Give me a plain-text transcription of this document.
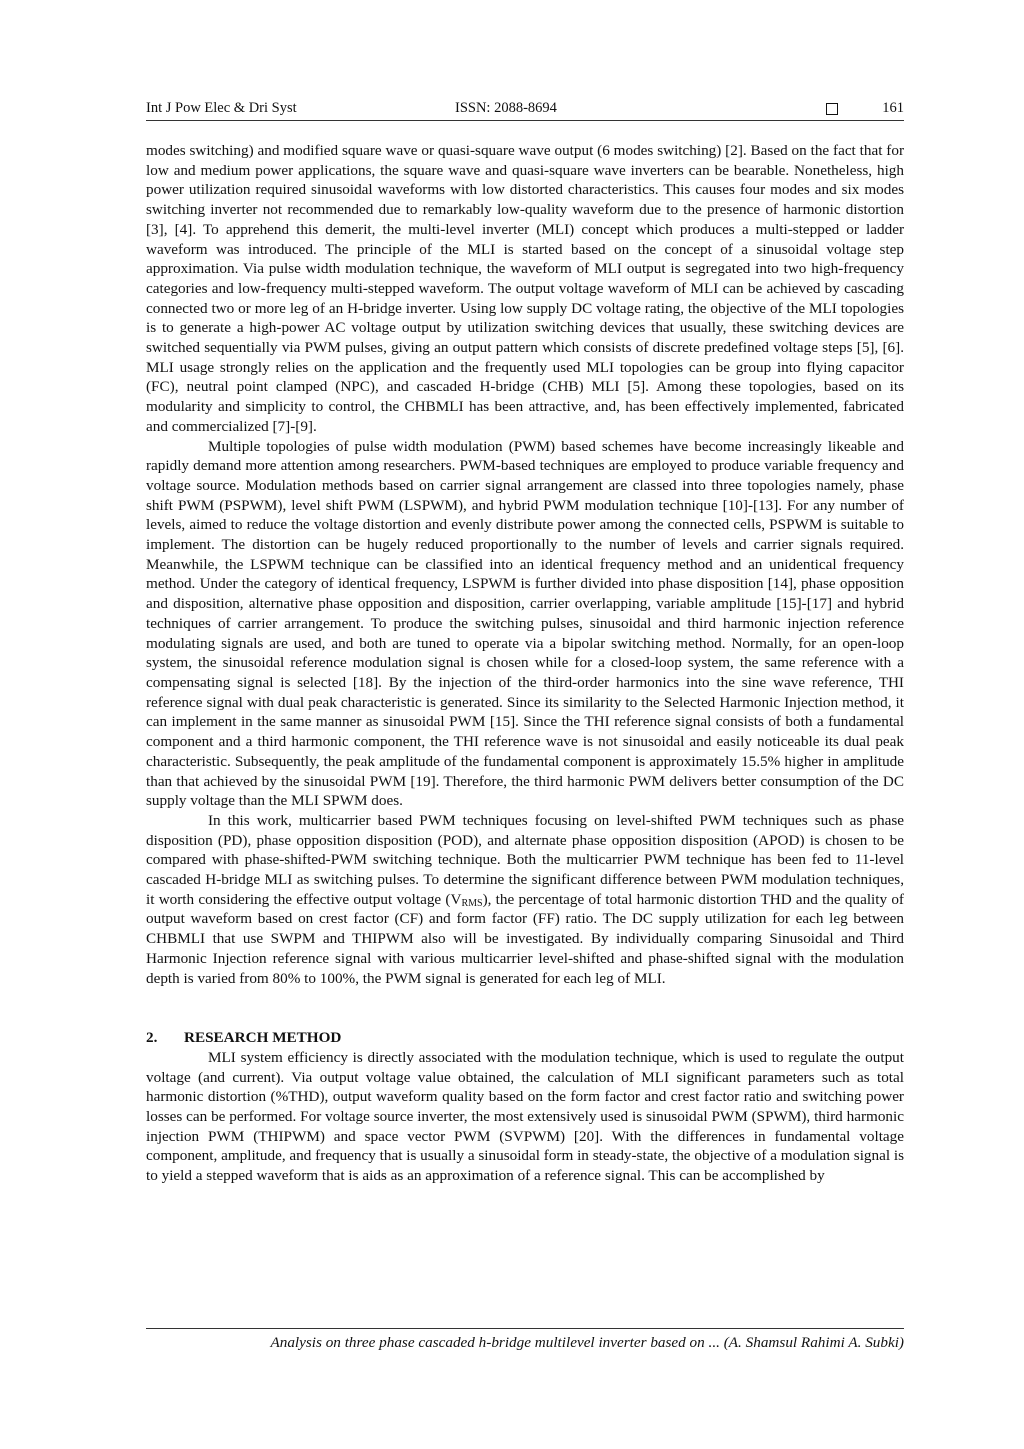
Int J Pow Elec & Dri Syst	ISSN: 2088-8694	161

modes switching) and modified square wave or quasi-square wave output (6 modes switching) [2]. Based on the fact that for low and medium power applications, the square wave and quasi-square wave inverters can be bearable. Nonetheless, high power utilization required sinusoidal waveforms with low distorted characteristics. This causes four modes and six modes switching inverter not recommended due to remarkably low-quality waveform due to the presence of harmonic distortion [3], [4]. To apprehend this demerit, the multi-level inverter (MLI) concept which produces a multi-stepped or ladder waveform was introduced. The principle of the MLI is started based on the concept of a sinusoidal voltage step approximation. Via pulse width modulation technique, the waveform of MLI output is segregated into two high-frequency categories and low-frequency multi-stepped waveform. The output voltage waveform of MLI can be achieved by cascading connected two or more leg of an H-bridge inverter. Using low supply DC voltage rating, the objective of the MLI topologies is to generate a high-power AC voltage output by utilization switching devices that usually, these switching devices are switched sequentially via PWM pulses, giving an output pattern which consists of discrete predefined voltage steps [5], [6]. MLI usage strongly relies on the application and the frequently used MLI topologies can be group into flying capacitor (FC), neutral point clamped (NPC), and cascaded H-bridge (CHB) MLI [5]. Among these topologies, based on its modularity and simplicity to control, the CHBMLI has been attractive, and, has been effectively implemented, fabricated and commercialized [7]-[9].

Multiple topologies of pulse width modulation (PWM) based schemes have become increasingly likeable and rapidly demand more attention among researchers. PWM-based techniques are employed to produce variable frequency and voltage source. Modulation methods based on carrier signal arrangement are classed into three topologies namely, phase shift PWM (PSPWM), level shift PWM (LSPWM), and hybrid PWM modulation technique [10]-[13]. For any number of levels, aimed to reduce the voltage distortion and evenly distribute power among the connected cells, PSPWM is suitable to implement. The distortion can be hugely reduced proportionally to the number of levels and carrier signals required. Meanwhile, the LSPWM technique can be classified into an identical frequency method and an unidentical frequency method. Under the category of identical frequency, LSPWM is further divided into phase disposition [14], phase opposition and disposition, alternative phase opposition and disposition, carrier overlapping, variable amplitude [15]-[17] and hybrid techniques of carrier arrangement. To produce the switching pulses, sinusoidal and third harmonic injection reference modulating signals are used, and both are tuned to operate via a bipolar switching method. Normally, for an open-loop system, the sinusoidal reference modulation signal is chosen while for a closed-loop system, the same reference with a compensating signal is selected [18]. By the injection of the third-order harmonics into the sine wave reference, THI reference signal with dual peak characteristic is generated. Since its similarity to the Selected Harmonic Injection method, it can implement in the same manner as sinusoidal PWM [15]. Since the THI reference signal consists of both a fundamental component and a third harmonic component, the THI reference wave is not sinusoidal and easily noticeable its dual peak characteristic. Subsequently, the peak amplitude of the fundamental component is approximately 15.5% higher in amplitude than that achieved by the sinusoidal PWM [19]. Therefore, the third harmonic PWM delivers better consumption of the DC supply voltage than the MLI SPWM does.

In this work, multicarrier based PWM techniques focusing on level-shifted PWM techniques such as phase disposition (PD), phase opposition disposition (POD), and alternate phase opposition disposition (APOD) is chosen to be compared with phase-shifted-PWM switching technique. Both the multicarrier PWM technique has been fed to 11-level cascaded H-bridge MLI as switching pulses. To determine the significant difference between PWM modulation techniques, it worth considering the effective output voltage $(V_{RMS})$, the percentage of total harmonic distortion THD and the quality of output waveform based on crest factor (CF) and form factor (FF) ratio. The DC supply utilization for each leg between CHBMLI that use SWPM and THIPWM also will be investigated. By individually comparing Sinusoidal and Third Harmonic Injection reference signal with various multicarrier level-shifted and phase-shifted signal with the modulation depth is varied from 80% to 100%, the PWM signal is generated for each leg of MLI.

2. RESEARCH METHOD

MLI system efficiency is directly associated with the modulation technique, which is used to regulate the output voltage (and current). Via output voltage value obtained, the calculation of MLI significant parameters such as total harmonic distortion (%THD), output waveform quality based on the form factor and crest factor ratio and switching power losses can be performed. For voltage source inverter, the most extensively used is sinusoidal PWM (SPWM), third harmonic injection PWM (THIPWM) and space vector PWM (SVPWM) [20]. With the differences in fundamental voltage component, amplitude, and frequency that is usually a sinusoidal form in steady-state, the objective of a modulation signal is to yield a stepped waveform that is aids as an approximation of a reference signal. This can be accomplished by

Analysis on three phase cascaded h-bridge multilevel inverter based on ... (A. Shamsul Rahimi A. Subki)
